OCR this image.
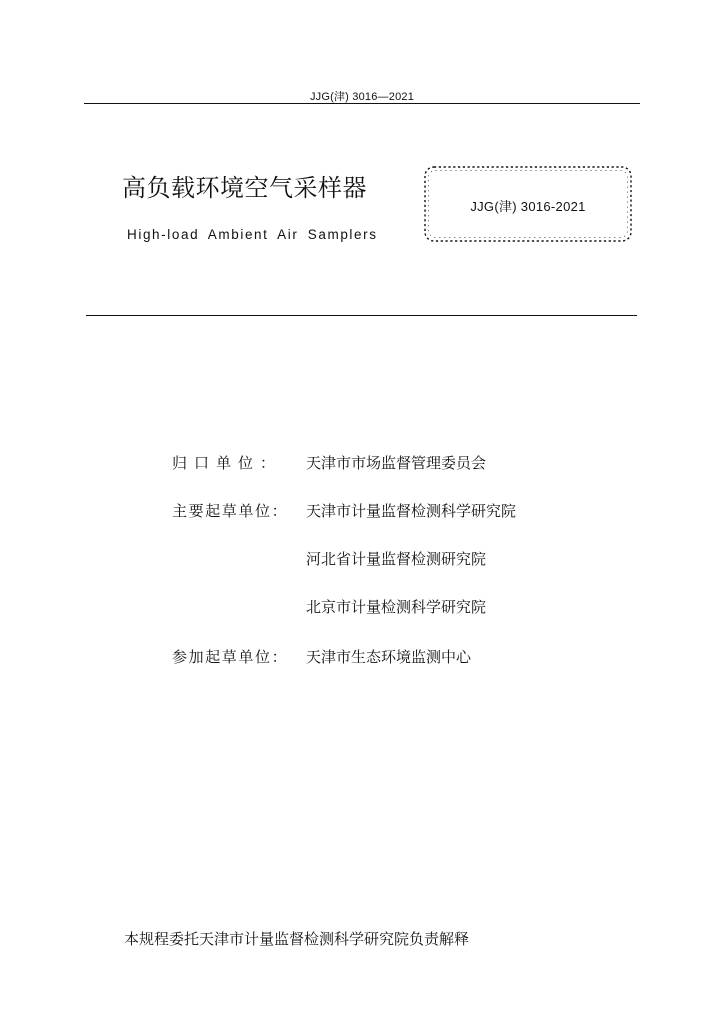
JJG(津) 3016—2021
高负载环境空气采样器
High-load Ambient Air Samplers
JJG(津) 3016-2021
归口单位：	天津市市场监督管理委员会
主要起草单位：	天津市计量监督检测科学研究院
河北省计量监督检测研究院
北京市计量检测科学研究院
参加起草单位：	天津市生态环境监测中心
本规程委托天津市计量监督检测科学研究院负责解释
